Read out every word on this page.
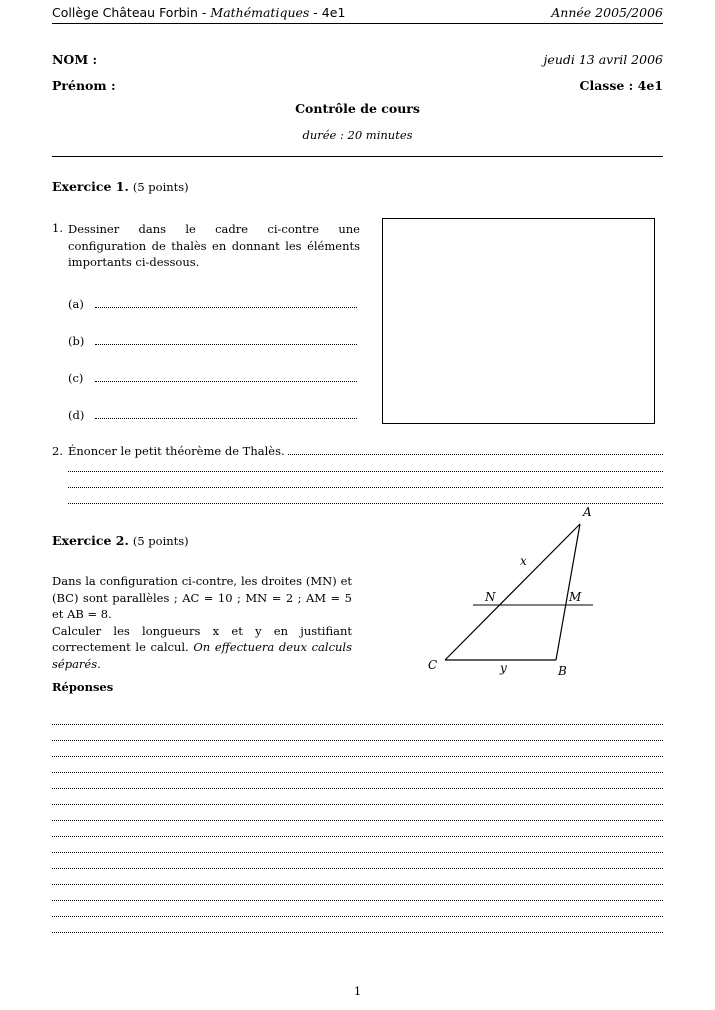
Collège Château Forbin - Mathématiques - 4e1	Année 2005/2006
NOM :	jeudi 13 avril 2006
Prénom :	Classe : 4e1
Contrôle de cours
durée : 20 minutes
Exercice 1. (5 points)
1. Dessiner dans le cadre ci-contre une configuration de thalès en donnant les éléments importants ci-dessous.
(a)
(b)
(c)
(d)
2. Énoncer le petit théorème de Thalès.
Exercice 2. (5 points)
Dans la configuration ci-contre, les droites (MN) et (BC) sont parallèles ; AC = 10 ; MN = 2 ; AM = 5 et AB = 8.
Calculer les longueurs x et y en justifiant correctement le calcul. On effectuera deux calculs séparés.
A
x
N	M
C	y	B
Réponses
1
